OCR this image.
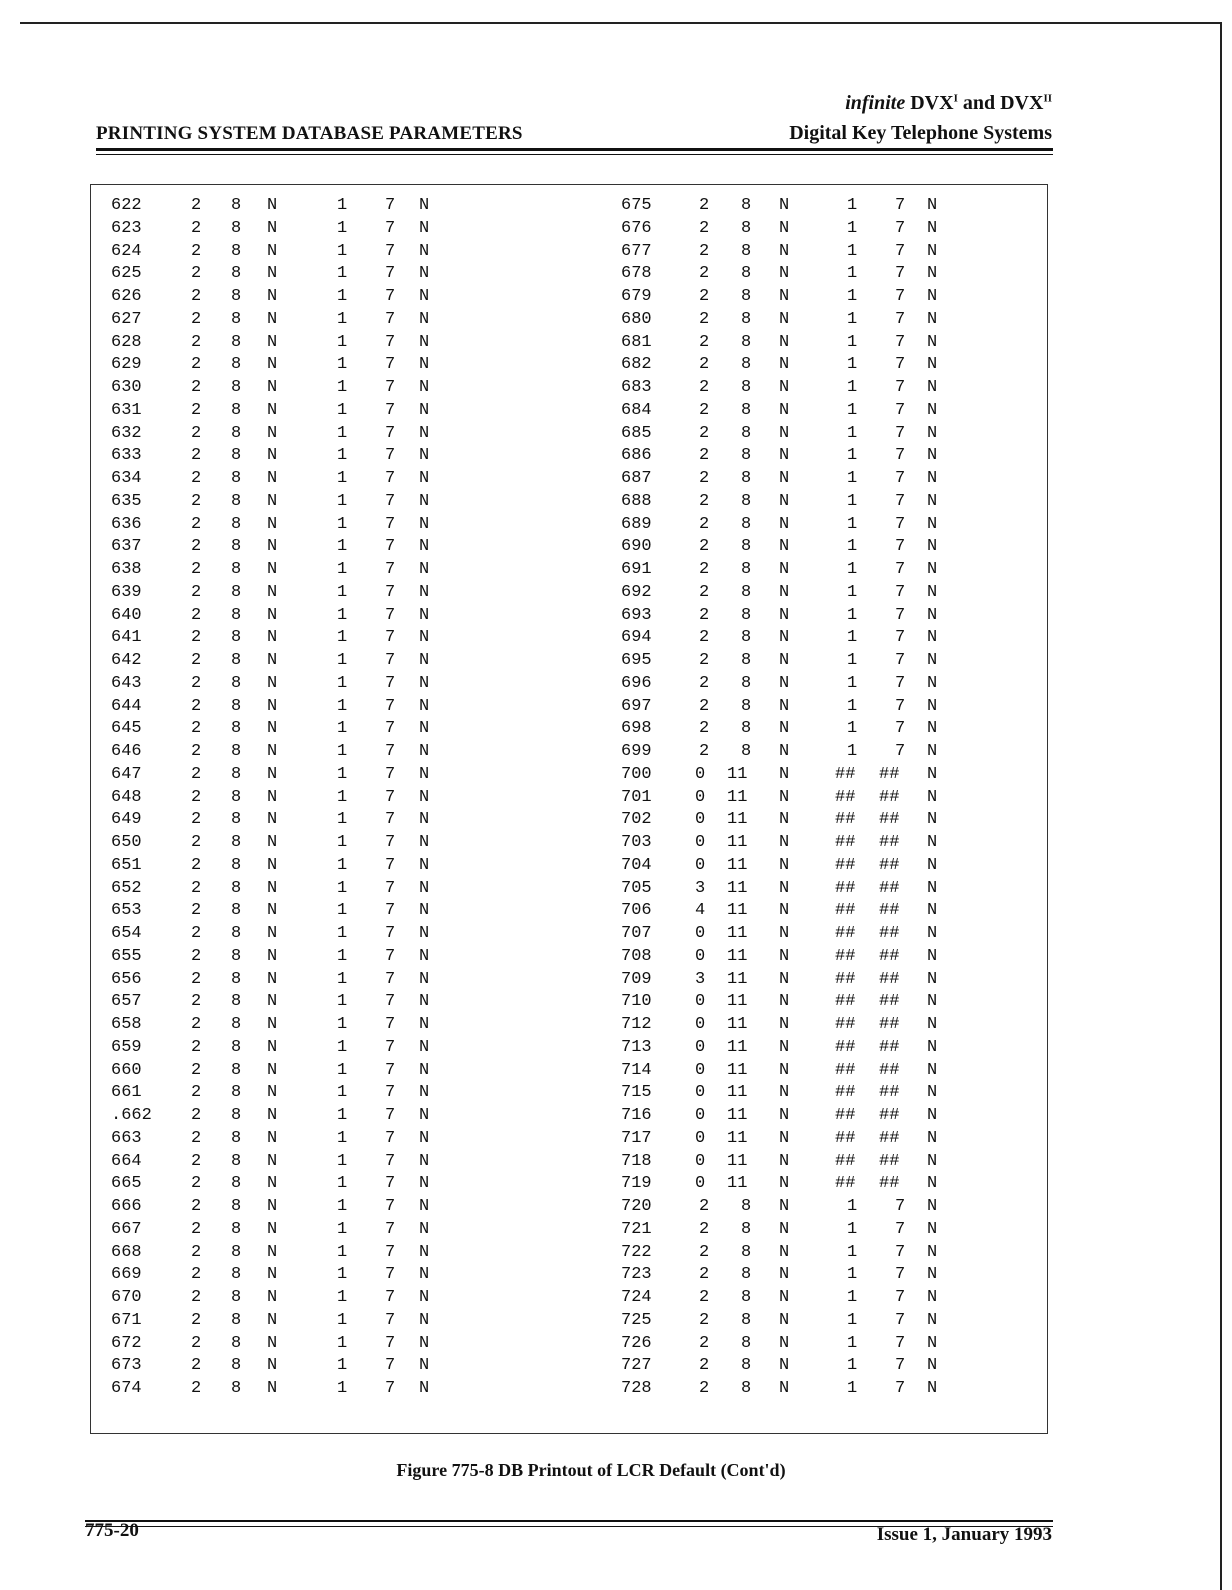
infinite $DVX^I$ and $DVX^{II}$
PRINTING SYSTEM DATABASE PARAMETERS	Digital Key Telephone Systems
622	2 8 N	1 7 N
623	2 8 N	1 7 N
624	2 8 N	1 7 N
625	2 8 N	1 7 N
626	2 8 N	1 7 N
627	2 8 N	1 7 N
628	2 8 N	1 7 N
629	2 8 N	1 7 N
630	2 8 N	1 7 N
631	2 8 N	1 7 N
632	2 8 N	1 7 N
633	2 8 N	1 7 N
634	2 8 N	1 7 N
635	2 8 N	1 7 N
636	2 8 N	1 7 N
637	2 8 N	1 7 N
638	2 8 N	1 7 N
639	2 8 N	1 7 N
640	2 8 N	1 7 N
641	2 8 N	1 7 N
642	2 8 N	1 7 N
643	2 8 N	1 7 N
644	2 8 N	1 7 N
645	2 8 N	1 7 N
646	2 8 N	1 7 N
647	2 8 N	1 7 N
648	2 8 N	1 7 N
649	2 8 N	1 7 N
650	2 8 N	1 7 N
651	2 8 N	1 7 N
652	2 8 N	1 7 N
653	2 8 N	1 7 N
654	2 8 N	1 7 N
655	2 8 N	1 7 N
656	2 8 N	1 7 N
657	2 8 N	1 7 N
658	2 8 N	1 7 N
659	2 8 N	1 7 N
660	2 8 N	1 7 N
661	2 8 N	1 7 N
.662 2 8 N	1 7 N
663	2 8 N	1 7 N
664	2 8 N	1 7 N
665	2 8 N	1 7 N
666	2 8 N	1 7 N
667	2 8 N	1 7 N
668	2 8 N	1 7 N
669	2 8 N	1 7 N
670	2 8 N	1 7 N
671	2 8 N	1 7 N
672	2 8 N	1 7 N
673	2 8 N	1 7 N
674	2 8 N	1 7 N
675	2 8 N	1 7 N
676	2 8 N	1 7 N
677	2 8 N	1 7 N
678	2 8 N	1 7 N
679	2 8 N	1 7 N
680	2 8 N	1 7 N
681	2 8 N	1 7 N
682	2 8 N	1 7 N
683	2 8 N	1 7 N
684	2 8 N	1 7 N
685	2 8 N	1 7 N
686	2 8 N	1 7 N
687	2 8 N	1 7 N
688	2 8 N	1 7 N
689	2 8 N	1 7 N
690	2 8 N	1 7 N
691	2 8 N	1 7 N
692	2 8 N	1 7 N
693	2 8 N	1 7 N
694	2 8 N	1 7 N
695	2 8 N	1 7 N
696	2 8 N	1 7 N
697	2 8 N	1 7 N
698	2 8 N	1 7 N
699	2 8 N	1 7 N
700	0 11 N	## ## N
701	0 11 N	## ## N
702	0 11 N	## ## N
703	0 11 N	## ## N
704	0 11 N	## ## N
705	3 11 N	## ## N
706	4 11 N	## ## N
707	0 11 N	## ## N
708	0 11 N	## ## N
709	3 11 N	## ## N
710	0 11 N	## ## N
712	0 11 N	## ## N
713	0 11 N	## ## N
714	0 11 N	## ## N
715	0 11 N	## ## N
716	0 11 N	## ## N
717	0 11 N	## ## N
718	0 11 N	## ## N
719	0 11 N	## ## N
720	2 8 N	1 7 N
721	2 8 N	1 7 N
722	2 8 N	1 7 N
723	2 8 N	1 7 N
724	2 8 N	1 7 N
725	2 8 N	1 7 N
726	2 8 N	1 7 N
727	2 8 N	1 7 N
728	2 8 N	1 7 N
Figure 775-8 DB Printout of LCR Default (Cont'd)
775-20	Issue 1, January 1993
